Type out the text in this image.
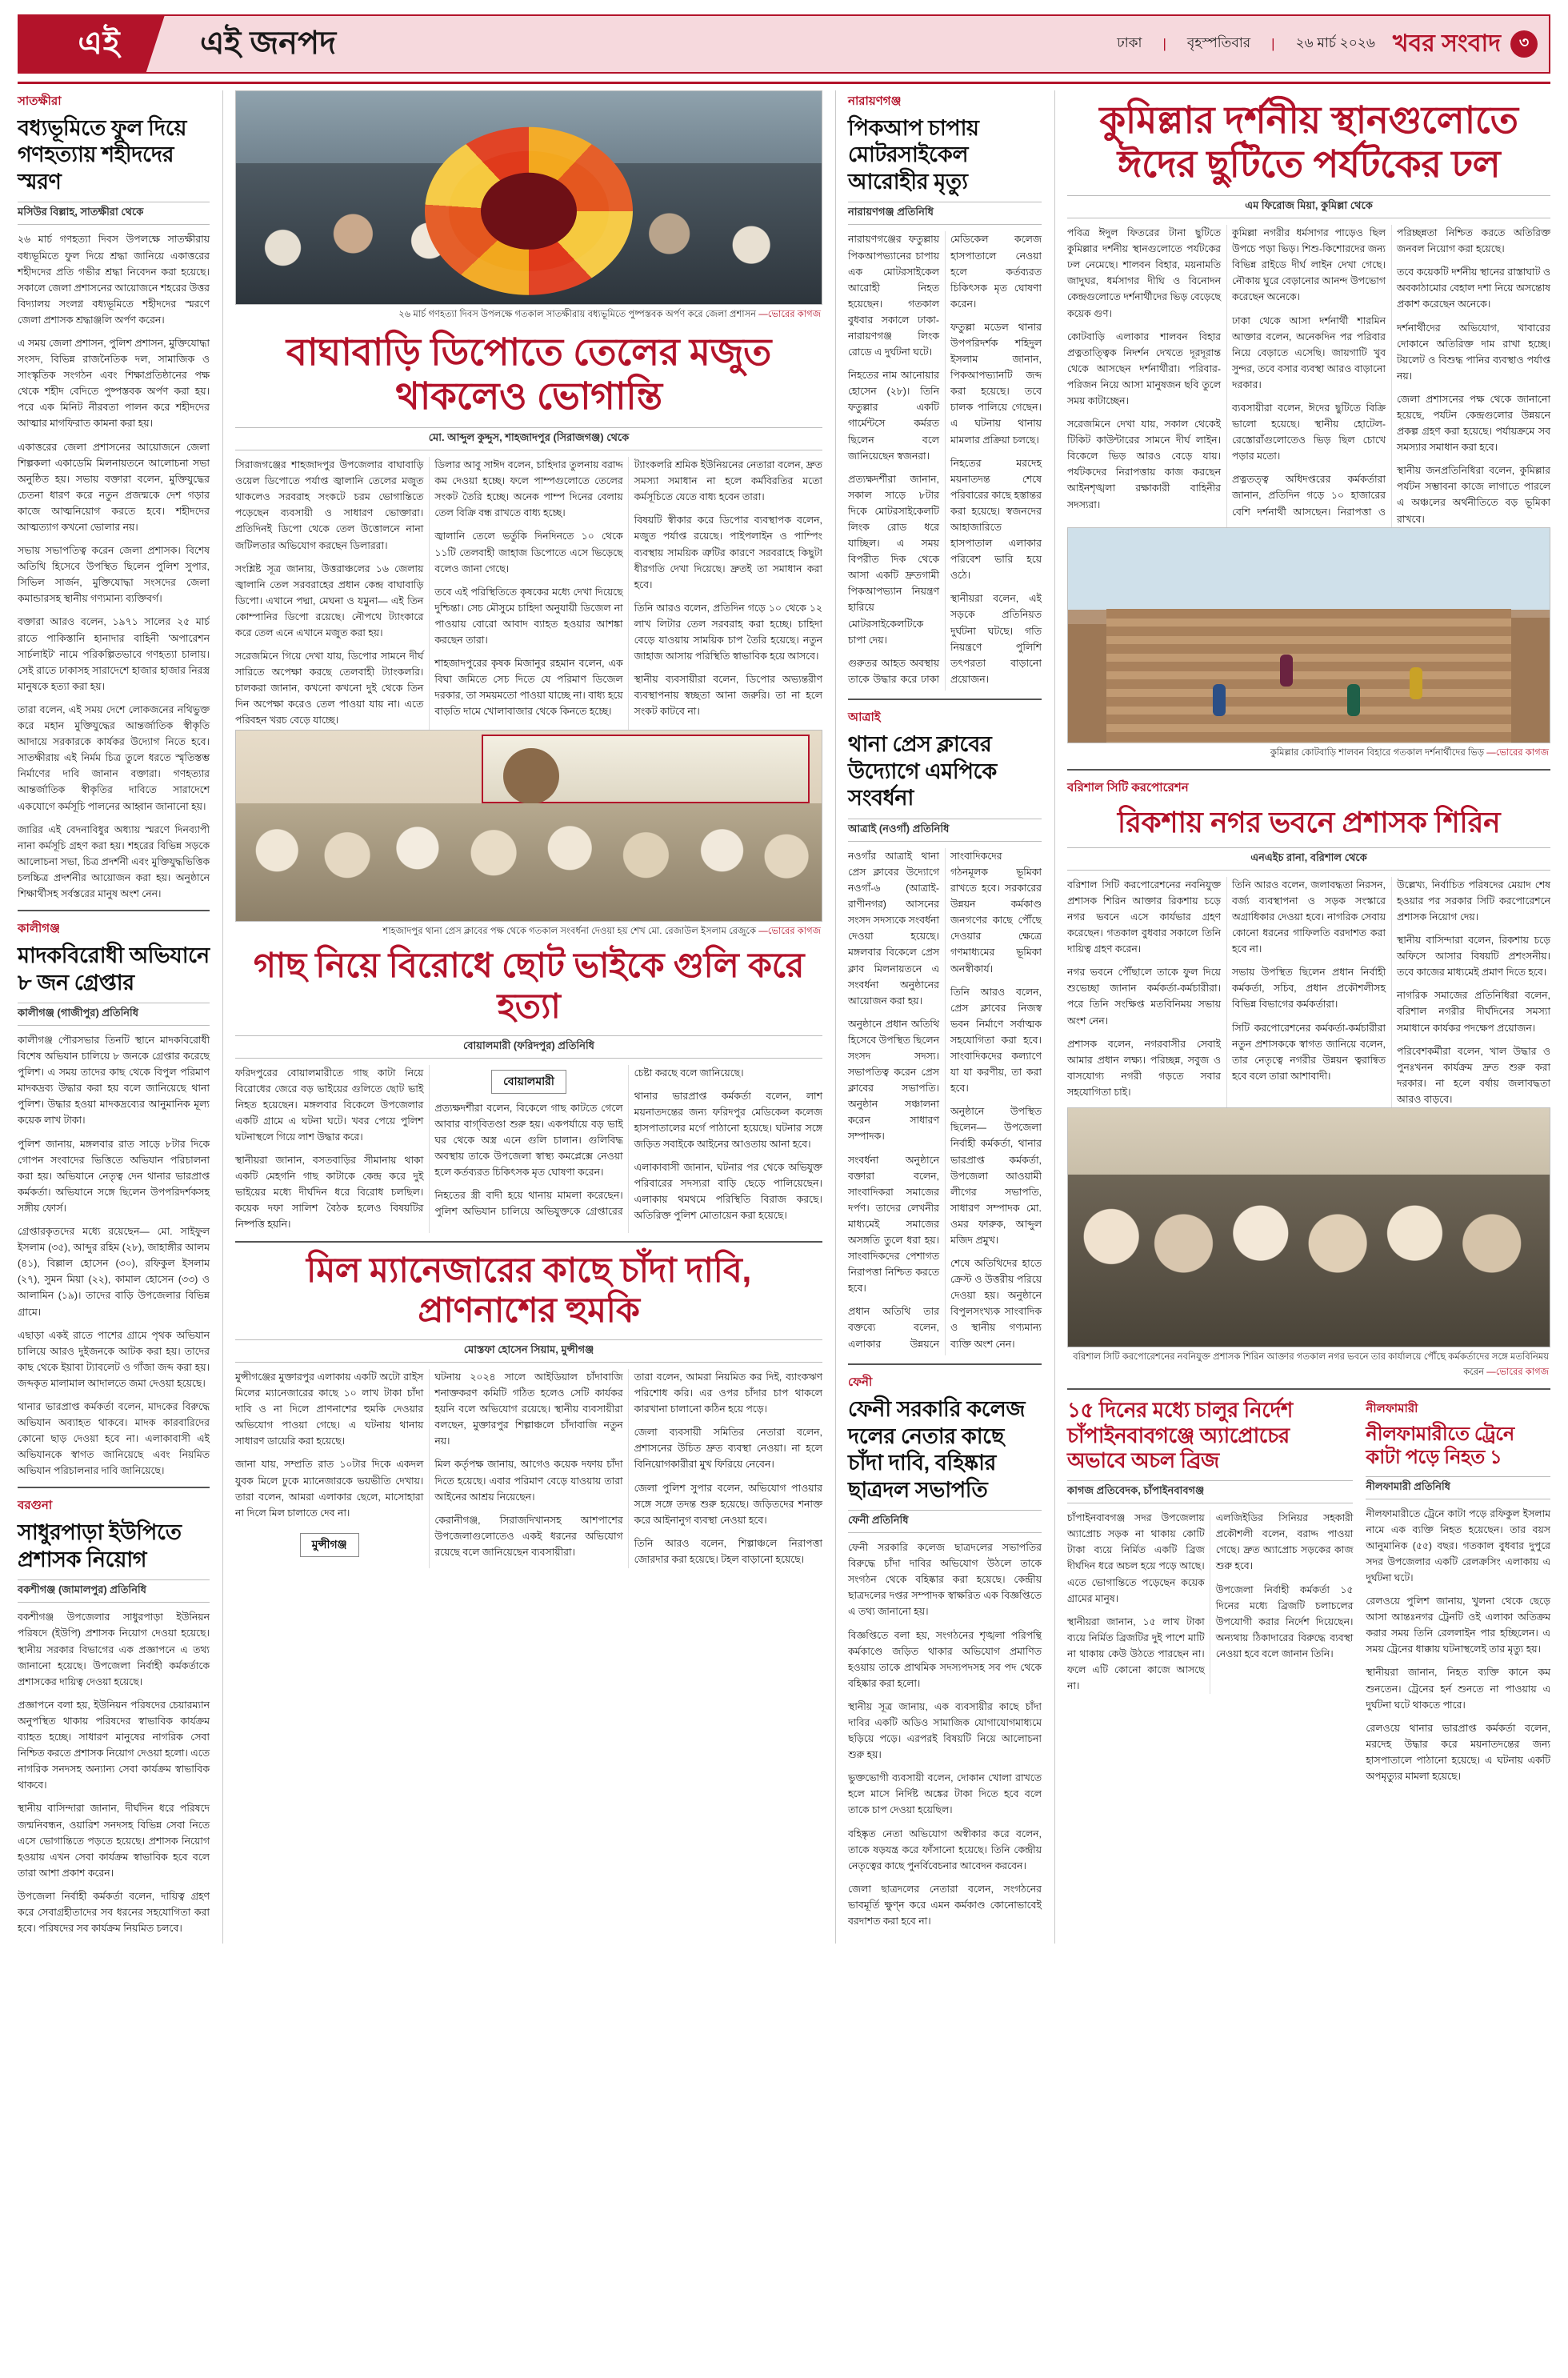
এই	এই জনপদ	ঢাকা | বৃহস্পতিবার | ২৬ মার্চ ২০২৬ খবর সংবাদ	৩
সাতক্ষীরা
বধ্যভূমিতে ফুল দিয়ে গণহত্যায় শহীদদের স্মরণ
মসিউর বিল্লাহ, সাতক্ষীরা থেকে

২৬ মার্চ গণহত্যা দিবস উপলক্ষে সাতক্ষীরায় বধ্যভূমিতে ফুল দিয়ে শ্রদ্ধা জানিয়ে একাত্তরের শহীদদের প্রতি গভীর শ্রদ্ধা নিবেদন করা হয়েছে। সকালে জেলা প্রশাসনের আয়োজনে শহরের উত্তর বিদ্যালয় সংলগ্ন বধ্যভূমিতে শহীদদের স্মরণে জেলা প্রশাসক শ্রদ্ধাঞ্জলি অর্পণ করেন।

এ সময় জেলা প্রশাসন, পুলিশ প্রশাসন, মুক্তিযোদ্ধা সংসদ, বিভিন্ন রাজনৈতিক দল, সামাজিক ও সাংস্কৃতিক সংগঠন এবং শিক্ষাপ্রতিষ্ঠানের পক্ষ থেকে শহীদ বেদিতে পুষ্পস্তবক অর্পণ করা হয়। পরে এক মিনিট নীরবতা পালন করে শহীদদের আত্মার মাগফিরাত কামনা করা হয়।

একাত্তরের জেলা প্রশাসনের আয়োজনে জেলা শিল্পকলা একাডেমি মিলনায়তনে আলোচনা সভা অনুষ্ঠিত হয়। সভায় বক্তারা বলেন, মুক্তিযুদ্ধের চেতনা ধারণ করে নতুন প্রজন্মকে দেশ গড়ার কাজে আত্মনিয়োগ করতে হবে। শহীদদের আত্মত্যাগ কখনো ভোলার নয়।

সভায় সভাপতিত্ব করেন জেলা প্রশাসক। বিশেষ অতিথি হিসেবে উপস্থিত ছিলেন পুলিশ সুপার, সিভিল সার্জন, মুক্তিযোদ্ধা সংসদের জেলা কমান্ডারসহ স্থানীয় গণ্যমান্য ব্যক্তিবর্গ।

বক্তারা আরও বলেন, ১৯৭১ সালের ২৫ মার্চ রাতে পাকিস্তানি হানাদার বাহিনী 'অপারেশন সার্চলাইট' নামে পরিকল্পিতভাবে গণহত্যা চালায়। সেই রাতে ঢাকাসহ সারাদেশে হাজার হাজার নিরস্ত্র মানুষকে হত্যা করা হয়।

তারা বলেন, এই সময় দেশে লোকজনের নথিভুক্ত করে মহান মুক্তিযুদ্ধের আন্তর্জাতিক স্বীকৃতি আদায়ে সরকারকে কার্যকর উদ্যোগ নিতে হবে। সাতক্ষীরায় এই নির্মম চিত্র তুলে ধরতে স্মৃতিস্তম্ভ নির্মাণের দাবি জানান বক্তারা। গণহত্যার আন্তর্জাতিক স্বীকৃতির দাবিতে সারাদেশে একযোগে কর্মসূচি পালনের আহ্বান জানানো হয়।

জারির এই বেদনাবিধুর অধ্যায় স্মরণে দিনব্যাপী নানা কর্মসূচি গ্রহণ করা হয়। শহরের বিভিন্ন সড়কে আলোচনা সভা, চিত্র প্রদর্শনী এবং মুক্তিযুদ্ধভিত্তিক চলচ্চিত্র প্রদর্শনীর আয়োজন করা হয়। অনুষ্ঠানে শিক্ষার্থীসহ সর্বস্তরের মানুষ অংশ নেন।

কালীগঞ্জ
মাদকবিরোধী অভিযানে ৮ জন গ্রেপ্তার
কালীগঞ্জ (গাজীপুর) প্রতিনিধি

কালীগঞ্জ পৌরসভার তিনটি স্থানে মাদকবিরোধী বিশেষ অভিযান চালিয়ে ৮ জনকে গ্রেপ্তার করেছে পুলিশ। এ সময় তাদের কাছ থেকে বিপুল পরিমাণ মাদকদ্রব্য উদ্ধার করা হয় বলে জানিয়েছে থানা পুলিশ। উদ্ধার হওয়া মাদকদ্রব্যের আনুমানিক মূল্য কয়েক লাখ টাকা।

পুলিশ জানায়, মঙ্গলবার রাত সাড়ে ৮টার দিকে গোপন সংবাদের ভিত্তিতে অভিযান পরিচালনা করা হয়। অভিযানে নেতৃত্ব দেন থানার ভারপ্রাপ্ত কর্মকর্তা। অভিযানে সঙ্গে ছিলেন উপপরিদর্শকসহ সঙ্গীয় ফোর্স।

গ্রেপ্তারকৃতদের মধ্যে রয়েছেন— মো. সাইফুল ইসলাম (৩৫), আব্দুর রহিম (২৮), জাহাঙ্গীর আলম (৪১), বিল্লাল হোসেন (৩০), রফিকুল ইসলাম (২৭), সুমন মিয়া (২২), কামাল হোসেন (৩৩) ও আলামিন (১৯)। তাদের বাড়ি উপজেলার বিভিন্ন গ্রামে।

এছাড়া একই রাতে পাশের গ্রামে পৃথক অভিযান চালিয়ে আরও দুইজনকে আটক করা হয়। তাদের কাছ থেকে ইয়াবা ট্যাবলেট ও গাঁজা জব্দ করা হয়। জব্দকৃত মালামাল আদালতে জমা দেওয়া হয়েছে।

থানার ভারপ্রাপ্ত কর্মকর্তা বলেন, মাদকের বিরুদ্ধে অভিযান অব্যাহত থাকবে। মাদক কারবারিদের কোনো ছাড় দেওয়া হবে না। এলাকাবাসী এই অভিযানকে স্বাগত জানিয়েছে এবং নিয়মিত অভিযান পরিচালনার দাবি জানিয়েছে।

বরগুনা
সাধুরপাড়া ইউপিতে প্রশাসক নিয়োগ
বকশীগঞ্জ (জামালপুর) প্রতিনিধি

বকশীগঞ্জ উপজেলার সাধুরপাড়া ইউনিয়ন পরিষদে (ইউপি) প্রশাসক নিয়োগ দেওয়া হয়েছে। স্থানীয় সরকার বিভাগের এক প্রজ্ঞাপনে এ তথ্য জানানো হয়েছে। উপজেলা নির্বাহী কর্মকর্তাকে প্রশাসকের দায়িত্ব দেওয়া হয়েছে।

প্রজ্ঞাপনে বলা হয়, ইউনিয়ন পরিষদের চেয়ারম্যান অনুপস্থিত থাকায় পরিষদের স্বাভাবিক কার্যক্রম ব্যাহত হচ্ছে। সাধারণ মানুষের নাগরিক সেবা নিশ্চিত করতে প্রশাসক নিয়োগ দেওয়া হলো। এতে নাগরিক সনদসহ অন্যান্য সেবা কার্যক্রম স্বাভাবিক থাকবে।

স্থানীয় বাসিন্দারা জানান, দীর্ঘদিন ধরে পরিষদে জন্মনিবন্ধন, ওয়ারিশ সনদসহ বিভিন্ন সেবা নিতে এসে ভোগান্তিতে পড়তে হয়েছে। প্রশাসক নিয়োগ হওয়ায় এখন সেবা কার্যক্রম স্বাভাবিক হবে বলে তারা আশা প্রকাশ করেন।

উপজেলা নির্বাহী কর্মকর্তা বলেন, দায়িত্ব গ্রহণ করে সেবাগ্রহীতাদের সব ধরনের সহযোগিতা করা হবে। পরিষদের সব কার্যক্রম নিয়মিত চলবে।

২৬ মার্চ গণহত্যা দিবস উপলক্ষে গতকাল সাতক্ষীরায় বধ্যভূমিতে পুষ্পস্তবক অর্পণ করে জেলা প্রশাসন —ভোরের কাগজ
বাঘাবাড়ি ডিপোতে তেলের মজুত থাকলেও ভোগান্তি
মো. আব্দুল কুদ্দুস, শাহজাদপুর (সিরাজগঞ্জ) থেকে

সিরাজগঞ্জের শাহজাদপুর উপজেলার বাঘাবাড়ি ওয়েল ডিপোতে পর্যাপ্ত জ্বালানি তেলের মজুত থাকলেও সরবরাহ সংকটে চরম ভোগান্তিতে পড়েছেন ব্যবসায়ী ও সাধারণ ভোক্তারা। প্রতিদিনই ডিপো থেকে তেল উত্তোলনে নানা জটিলতার অভিযোগ করছেন ডিলাররা।

সংশ্লিষ্ট সূত্র জানায়, উত্তরাঞ্চলের ১৬ জেলায় জ্বালানি তেল সরবরাহের প্রধান কেন্দ্র বাঘাবাড়ি ডিপো। এখানে পদ্মা, মেঘনা ও যমুনা— এই তিন কোম্পানির ডিপো রয়েছে। নৌপথে ট্যাংকারে করে তেল এনে এখানে মজুত করা হয়।

সরেজমিনে গিয়ে দেখা যায়, ডিপোর সামনে দীর্ঘ সারিতে অপেক্ষা করছে তেলবাহী ট্যাংকলরি। চালকরা জানান, কখনো কখনো দুই থেকে তিন দিন অপেক্ষা করেও তেল পাওয়া যায় না। এতে পরিবহন খরচ বেড়ে যাচ্ছে।

ডিলার আবু সাঈদ বলেন, চাহিদার তুলনায় বরাদ্দ কম দেওয়া হচ্ছে। ফলে পাম্পগুলোতে তেলের সংকট তৈরি হচ্ছে। অনেক পাম্প দিনের বেলায় তেল বিক্রি বন্ধ রাখতে বাধ্য হচ্ছে।

জ্বালানি তেলে ভর্তুকি দিনদিনতে ১০ থেকে ১১টি তেলবাহী জাহাজ ডিপোতে এসে ভিড়েছে বলেও জানা গেছে।

তবে এই পরিস্থিতিতে কৃষকের মধ্যে দেখা দিয়েছে দুশ্চিন্তা। সেচ মৌসুমে চাহিদা অনুযায়ী ডিজেল না পাওয়ায় বোরো আবাদ ব্যাহত হওয়ার আশঙ্কা করছেন তারা।

শাহজাদপুরের কৃষক মিজানুর রহমান বলেন, এক বিঘা জমিতে সেচ দিতে যে পরিমাণ ডিজেল দরকার, তা সময়মতো পাওয়া যাচ্ছে না। বাধ্য হয়ে বাড়তি দামে খোলাবাজার থেকে কিনতে হচ্ছে।

ট্যাংকলরি শ্রমিক ইউনিয়নের নেতারা বলেন, দ্রুত সমস্যা সমাধান না হলে কর্মবিরতির মতো কর্মসূচিতে যেতে বাধ্য হবেন তারা।

বিষয়টি স্বীকার করে ডিপোর ব্যবস্থাপক বলেন, মজুত পর্যাপ্ত রয়েছে। পাইপলাইন ও পাম্পিং ব্যবস্থায় সাময়িক ত্রুটির কারণে সরবরাহে কিছুটা ধীরগতি দেখা দিয়েছে। দ্রুতই তা সমাধান করা হবে।

তিনি আরও বলেন, প্রতিদিন গড়ে ১০ থেকে ১২ লাখ লিটার তেল সরবরাহ করা হচ্ছে। চাহিদা বেড়ে যাওয়ায় সাময়িক চাপ তৈরি হয়েছে। নতুন জাহাজ আসায় পরিস্থিতি স্বাভাবিক হয়ে আসবে।

স্থানীয় ব্যবসায়ীরা বলেন, ডিপোর অভ্যন্তরীণ ব্যবস্থাপনায় স্বচ্ছতা আনা জরুরি। তা না হলে সংকট কাটবে না।

শাহজাদপুর থানা প্রেস ক্লাবের পক্ষ থেকে গতকাল সংবর্ধনা দেওয়া হয় শেখ মো. রেজাউল ইসলাম রেজুকে —ভোরের কাগজ
গাছ নিয়ে বিরোধে ছোট ভাইকে গুলি করে হত্যা
বোয়ালমারী (ফরিদপুর) প্রতিনিধি

ফরিদপুরের বোয়ালমারীতে গাছ কাটা নিয়ে বিরোধের জেরে বড় ভাইয়ের গুলিতে ছোট ভাই নিহত হয়েছেন। মঙ্গলবার বিকেলে উপজেলার একটি গ্রামে এ ঘটনা ঘটে। খবর পেয়ে পুলিশ ঘটনাস্থলে গিয়ে লাশ উদ্ধার করে।

স্থানীয়রা জানান, বসতবাড়ির সীমানায় থাকা একটি মেহগনি গাছ কাটাকে কেন্দ্র করে দুই ভাইয়ের মধ্যে দীর্ঘদিন ধরে বিরোধ চলছিল। কয়েক দফা সালিশ বৈঠক হলেও বিষয়টির নিষ্পত্তি হয়নি।

বোয়ালমারী

প্রত্যক্ষদর্শীরা বলেন, বিকেলে গাছ কাটতে গেলে আবার বাগ্‌বিতণ্ডা শুরু হয়। একপর্যায়ে বড় ভাই ঘর থেকে অস্ত্র এনে গুলি চালান। গুলিবিদ্ধ অবস্থায় তাকে উপজেলা স্বাস্থ্য কমপ্লেক্সে নেওয়া হলে কর্তব্যরত চিকিৎসক মৃত ঘোষণা করেন।

নিহতের স্ত্রী বাদী হয়ে থানায় মামলা করেছেন। পুলিশ অভিযান চালিয়ে অভিযুক্তকে গ্রেপ্তারের চেষ্টা করছে বলে জানিয়েছে।

থানার ভারপ্রাপ্ত কর্মকর্তা বলেন, লাশ ময়নাতদন্তের জন্য ফরিদপুর মেডিকেল কলেজ হাসপাতালের মর্গে পাঠানো হয়েছে। ঘটনার সঙ্গে জড়িত সবাইকে আইনের আওতায় আনা হবে।

এলাকাবাসী জানান, ঘটনার পর থেকে অভিযুক্ত পরিবারের সদস্যরা বাড়ি ছেড়ে পালিয়েছেন। এলাকায় থমথমে পরিস্থিতি বিরাজ করছে। অতিরিক্ত পুলিশ মোতায়েন করা হয়েছে।

মিল ম্যানেজারের কাছে চাঁদা দাবি, প্রাণনাশের হুমকি
মোস্তফা হোসেন সিয়াম, মুন্সীগঞ্জ

মুন্সীগঞ্জের মুক্তারপুর এলাকায় একটি অটো রাইস মিলের ম্যানেজারের কাছে ১০ লাখ টাকা চাঁদা দাবি ও না দিলে প্রাণনাশের হুমকি দেওয়ার অভিযোগ পাওয়া গেছে। এ ঘটনায় থানায় সাধারণ ডায়েরি করা হয়েছে।

জানা যায়, সম্প্রতি রাত ১০টার দিকে একদল যুবক মিলে ঢুকে ম্যানেজারকে ভয়ভীতি দেখায়। তারা বলেন, আমরা এলাকার ছেলে, মাসোহারা না দিলে মিল চালাতে দেব না।

মুন্সীগঞ্জ

ঘটনায় ২০২৪ সালে আইডিয়াল চাঁদাবাজি শনাক্তকরণ কমিটি গঠিত হলেও সেটি কার্যকর হয়নি বলে অভিযোগ রয়েছে। স্থানীয় ব্যবসায়ীরা বলছেন, মুক্তারপুর শিল্পাঞ্চলে চাঁদাবাজি নতুন নয়।

মিল কর্তৃপক্ষ জানায়, আগেও কয়েক দফায় চাঁদা দিতে হয়েছে। এবার পরিমাণ বেড়ে যাওয়ায় তারা আইনের আশ্রয় নিয়েছেন।

কেরানীগঞ্জ, সিরাজদিখানসহ আশপাশের উপজেলাগুলোতেও একই ধরনের অভিযোগ রয়েছে বলে জানিয়েছেন ব্যবসায়ীরা।

তারা বলেন, আমরা নিয়মিত কর দিই, ব্যাংকঋণ পরিশোধ করি। এর ওপর চাঁদার চাপ থাকলে কারখানা চালানো কঠিন হয়ে পড়ে।

জেলা ব্যবসায়ী সমিতির নেতারা বলেন, প্রশাসনের উচিত দ্রুত ব্যবস্থা নেওয়া। না হলে বিনিয়োগকারীরা মুখ ফিরিয়ে নেবেন।

জেলা পুলিশ সুপার বলেন, অভিযোগ পাওয়ার সঙ্গে সঙ্গে তদন্ত শুরু হয়েছে। জড়িতদের শনাক্ত করে আইনানুগ ব্যবস্থা নেওয়া হবে।

তিনি আরও বলেন, শিল্পাঞ্চলে নিরাপত্তা জোরদার করা হয়েছে। টহল বাড়ানো হয়েছে।

নারায়ণগঞ্জ
পিকআপ চাপায় মোটরসাইকেল আরোহীর মৃত্যু
নারায়ণগঞ্জ প্রতিনিধি

নারায়ণগঞ্জের ফতুল্লায় পিকআপভ্যানের চাপায় এক মোটরসাইকেল আরোহী নিহত হয়েছেন। গতকাল বুধবার সকালে ঢাকা-নারায়ণগঞ্জ লিংক রোডে এ দুর্ঘটনা ঘটে।

নিহতের নাম আনোয়ার হোসেন (২৮)। তিনি ফতুল্লার একটি গার্মেন্টসে কর্মরত ছিলেন বলে জানিয়েছেন স্বজনরা।

প্রত্যক্ষদর্শীরা জানান, সকাল সাড়ে ৮টার দিকে মোটরসাইকেলটি লিংক রোড ধরে যাচ্ছিল। এ সময় বিপরীত দিক থেকে আসা একটি দ্রুতগামী পিকআপভ্যান নিয়ন্ত্রণ হারিয়ে মোটরসাইকেলটিকে চাপা দেয়।

গুরুতর আহত অবস্থায় তাকে উদ্ধার করে ঢাকা মেডিকেল কলেজ হাসপাতালে নেওয়া হলে কর্তব্যরত চিকিৎসক মৃত ঘোষণা করেন।

ফতুল্লা মডেল থানার উপপরিদর্শক শহিদুল ইসলাম জানান, পিকআপভ্যানটি জব্দ করা হয়েছে। তবে চালক পালিয়ে গেছেন। এ ঘটনায় থানায় মামলার প্রক্রিয়া চলছে।

নিহতের মরদেহ ময়নাতদন্ত শেষে পরিবারের কাছে হস্তান্তর করা হয়েছে। স্বজনদের আহাজারিতে হাসপাতাল এলাকার পরিবেশ ভারি হয়ে ওঠে।

স্থানীয়রা বলেন, এই সড়কে প্রতিনিয়ত দুর্ঘটনা ঘটছে। গতি নিয়ন্ত্রণে পুলিশি তৎপরতা বাড়ানো প্রয়োজন।

আত্রাই
থানা প্রেস ক্লাবের উদ্যোগে এমপিকে সংবর্ধনা
আত্রাই (নওগাঁ) প্রতিনিধি

নওগাঁর আত্রাই থানা প্রেস ক্লাবের উদ্যোগে নওগাঁ-৬ (আত্রাই-রাণীনগর) আসনের সংসদ সদস্যকে সংবর্ধনা দেওয়া হয়েছে। মঙ্গলবার বিকেলে প্রেস ক্লাব মিলনায়তনে এ সংবর্ধনা অনুষ্ঠানের আয়োজন করা হয়।

অনুষ্ঠানে প্রধান অতিথি হিসেবে উপস্থিত ছিলেন সংসদ সদস্য। সভাপতিত্ব করেন প্রেস ক্লাবের সভাপতি। অনুষ্ঠান সঞ্চালনা করেন সাধারণ সম্পাদক।

সংবর্ধনা অনুষ্ঠানে বক্তারা বলেন, সাংবাদিকরা সমাজের দর্পণ। তাদের লেখনীর মাধ্যমেই সমাজের অসঙ্গতি তুলে ধরা হয়। সাংবাদিকদের পেশাগত নিরাপত্তা নিশ্চিত করতে হবে।

প্রধান অতিথি তার বক্তব্যে বলেন, এলাকার উন্নয়নে সাংবাদিকদের গঠনমূলক ভূমিকা রাখতে হবে। সরকারের উন্নয়ন কর্মকাণ্ড জনগণের কাছে পৌঁছে দেওয়ার ক্ষেত্রে গণমাধ্যমের ভূমিকা অনস্বীকার্য।

তিনি আরও বলেন, প্রেস ক্লাবের নিজস্ব ভবন নির্মাণে সর্বাত্মক সহযোগিতা করা হবে। সাংবাদিকদের কল্যাণে যা যা করণীয়, তা করা হবে।

অনুষ্ঠানে উপস্থিত ছিলেন— উপজেলা নির্বাহী কর্মকর্তা, থানার ভারপ্রাপ্ত কর্মকর্তা, উপজেলা আওয়ামী লীগের সভাপতি, সাধারণ সম্পাদক মো. ওমর ফারুক, আব্দুল মজিদ প্রমুখ।

শেষে অতিথিদের হাতে ক্রেস্ট ও উত্তরীয় পরিয়ে দেওয়া হয়। অনুষ্ঠানে বিপুলসংখ্যক সাংবাদিক ও স্থানীয় গণ্যমান্য ব্যক্তি অংশ নেন।

ফেনী
ফেনী সরকারি কলেজ দলের নেতার কাছে চাঁদা দাবি, বহিষ্কার ছাত্রদল সভাপতি
ফেনী প্রতিনিধি

ফেনী সরকারি কলেজ ছাত্রদলের সভাপতির বিরুদ্ধে চাঁদা দাবির অভিযোগ উঠলে তাকে সংগঠন থেকে বহিষ্কার করা হয়েছে। কেন্দ্রীয় ছাত্রদলের দপ্তর সম্পাদক স্বাক্ষরিত এক বিজ্ঞপ্তিতে এ তথ্য জানানো হয়।

বিজ্ঞপ্তিতে বলা হয়, সংগঠনের শৃঙ্খলা পরিপন্থি কর্মকাণ্ডে জড়িত থাকার অভিযোগ প্রমাণিত হওয়ায় তাকে প্রাথমিক সদস্যপদসহ সব পদ থেকে বহিষ্কার করা হলো।

স্থানীয় সূত্র জানায়, এক ব্যবসায়ীর কাছে চাঁদা দাবির একটি অডিও সামাজিক যোগাযোগমাধ্যমে ছড়িয়ে পড়ে। এরপরই বিষয়টি নিয়ে আলোচনা শুরু হয়।

ভুক্তভোগী ব্যবসায়ী বলেন, দোকান খোলা রাখতে হলে মাসে নির্দিষ্ট অঙ্কের টাকা দিতে হবে বলে তাকে চাপ দেওয়া হয়েছিল।

বহিষ্কৃত নেতা অভিযোগ অস্বীকার করে বলেন, তাকে ষড়যন্ত্র করে ফাঁসানো হয়েছে। তিনি কেন্দ্রীয় নেতৃত্বের কাছে পুনর্বিবেচনার আবেদন করবেন।

জেলা ছাত্রদলের নেতারা বলেন, সংগঠনের ভাবমূর্তি ক্ষুণ্ন করে এমন কর্মকাণ্ড কোনোভাবেই বরদাশত করা হবে না।

কুমিল্লার দর্শনীয় স্থানগুলোতে ঈদের ছুটিতে পর্যটকের ঢল
এম ফিরোজ মিয়া, কুমিল্লা থেকে

পবিত্র ঈদুল ফিতরের টানা ছুটিতে কুমিল্লার দর্শনীয় স্থানগুলোতে পর্যটকের ঢল নেমেছে। শালবন বিহার, ময়নামতি জাদুঘর, ধর্মসাগর দীঘি ও বিনোদন কেন্দ্রগুলোতে দর্শনার্থীদের ভিড় বেড়েছে কয়েক গুণ।

কোটবাড়ি এলাকার শালবন বিহার প্রত্নতাত্ত্বিক নিদর্শন দেখতে দূরদূরান্ত থেকে আসছেন দর্শনার্থীরা। পরিবার-পরিজন নিয়ে আসা মানুষজন ছবি তুলে সময় কাটাচ্ছেন।

সরেজমিনে দেখা যায়, সকাল থেকেই টিকিট কাউন্টারের সামনে দীর্ঘ লাইন। বিকেলে ভিড় আরও বেড়ে যায়। পর্যটকদের নিরাপত্তায় কাজ করছেন আইনশৃঙ্খলা রক্ষাকারী বাহিনীর সদস্যরা।

কুমিল্লা নগরীর ধর্মসাগর পাড়েও ছিল উপচে পড়া ভিড়। শিশু-কিশোরদের জন্য বিভিন্ন রাইডে দীর্ঘ লাইন দেখা গেছে। নৌকায় ঘুরে বেড়ানোর আনন্দ উপভোগ করেছেন অনেকে।

ঢাকা থেকে আসা দর্শনার্থী শারমিন আক্তার বলেন, অনেকদিন পর পরিবার নিয়ে বেড়াতে এসেছি। জায়গাটি খুব সুন্দর, তবে বসার ব্যবস্থা আরও বাড়ানো দরকার।

ব্যবসায়ীরা বলেন, ঈদের ছুটিতে বিক্রি ভালো হয়েছে। স্থানীয় হোটেল-রেস্তোরাঁগুলোতেও ভিড় ছিল চোখে পড়ার মতো।

প্রত্নতত্ত্ব অধিদপ্তরের কর্মকর্তারা জানান, প্রতিদিন গড়ে ১০ হাজারের বেশি দর্শনার্থী আসছেন। নিরাপত্তা ও পরিচ্ছন্নতা নিশ্চিত করতে অতিরিক্ত জনবল নিয়োগ করা হয়েছে।

তবে কয়েকটি দর্শনীয় স্থানের রাস্তাঘাট ও অবকাঠামোর বেহাল দশা নিয়ে অসন্তোষ প্রকাশ করেছেন অনেকে।

দর্শনার্থীদের অভিযোগ, খাবারের দোকানে অতিরিক্ত দাম রাখা হচ্ছে। টয়লেট ও বিশুদ্ধ পানির ব্যবস্থাও পর্যাপ্ত নয়।

জেলা প্রশাসনের পক্ষ থেকে জানানো হয়েছে, পর্যটন কেন্দ্রগুলোর উন্নয়নে প্রকল্প গ্রহণ করা হয়েছে। পর্যায়ক্রমে সব সমস্যার সমাধান করা হবে।

স্থানীয় জনপ্রতিনিধিরা বলেন, কুমিল্লার পর্যটন সম্ভাবনা কাজে লাগাতে পারলে এ অঞ্চলের অর্থনীতিতে বড় ভূমিকা রাখবে।

কুমিল্লার কোটবাড়ি শালবন বিহারে গতকাল দর্শনার্থীদের ভিড় —ভোরের কাগজ
বরিশাল সিটি করপোরেশন
রিকশায় নগর ভবনে প্রশাসক শিরিন
এনএইচ রানা, বরিশাল থেকে

বরিশাল সিটি করপোরেশনের নবনিযুক্ত প্রশাসক শিরিন আক্তার রিকশায় চড়ে নগর ভবনে এসে কার্যভার গ্রহণ করেছেন। গতকাল বুধবার সকালে তিনি দায়িত্ব গ্রহণ করেন।

নগর ভবনে পৌঁছালে তাকে ফুল দিয়ে শুভেচ্ছা জানান কর্মকর্তা-কর্মচারীরা। পরে তিনি সংক্ষিপ্ত মতবিনিময় সভায় অংশ নেন।

প্রশাসক বলেন, নগরবাসীর সেবাই আমার প্রধান লক্ষ্য। পরিচ্ছন্ন, সবুজ ও বাসযোগ্য নগরী গড়তে সবার সহযোগিতা চাই।

তিনি আরও বলেন, জলাবদ্ধতা নিরসন, বর্জ্য ব্যবস্থাপনা ও সড়ক সংস্কারে অগ্রাধিকার দেওয়া হবে। নাগরিক সেবায় কোনো ধরনের গাফিলতি বরদাশত করা হবে না।

সভায় উপস্থিত ছিলেন প্রধান নির্বাহী কর্মকর্তা, সচিব, প্রধান প্রকৌশলীসহ বিভিন্ন বিভাগের কর্মকর্তারা।

সিটি করপোরেশনের কর্মকর্তা-কর্মচারীরা নতুন প্রশাসককে স্বাগত জানিয়ে বলেন, তার নেতৃত্বে নগরীর উন্নয়ন ত্বরান্বিত হবে বলে তারা আশাবাদী।

উল্লেখ্য, নির্বাচিত পরিষদের মেয়াদ শেষ হওয়ার পর সরকার সিটি করপোরেশনে প্রশাসক নিয়োগ দেয়।

স্থানীয় বাসিন্দারা বলেন, রিকশায় চড়ে অফিসে আসার বিষয়টি প্রশংসনীয়। তবে কাজের মাধ্যমেই প্রমাণ দিতে হবে।

নাগরিক সমাজের প্রতিনিধিরা বলেন, বরিশাল নগরীর দীর্ঘদিনের সমস্যা সমাধানে কার্যকর পদক্ষেপ প্রয়োজন।

পরিবেশকর্মীরা বলেন, খাল উদ্ধার ও পুনঃখনন কার্যক্রম দ্রুত শুরু করা দরকার। না হলে বর্ষায় জলাবদ্ধতা আরও বাড়বে।

বরিশাল সিটি করপোরেশনের নবনিযুক্ত প্রশাসক শিরিন আক্তার গতকাল নগর ভবনে তার কার্যালয়ে পৌঁছে কর্মকর্তাদের সঙ্গে মতবিনিময় করেন —ভোরের কাগজ
১৫ দিনের মধ্যে চালুর নির্দেশ চাঁপাইনবাবগঞ্জে অ্যাপ্রোচের অভাবে অচল ব্রিজ
কাগজ প্রতিবেদক, চাঁপাইনবাবগঞ্জ

চাঁপাইনবাবগঞ্জ সদর উপজেলায় অ্যাপ্রোচ সড়ক না থাকায় কোটি টাকা ব্যয়ে নির্মিত একটি ব্রিজ দীর্ঘদিন ধরে অচল হয়ে পড়ে আছে। এতে ভোগান্তিতে পড়েছেন কয়েক গ্রামের মানুষ।

স্থানীয়রা জানান, ১৫ লাখ টাকা ব্যয়ে নির্মিত ব্রিজটির দুই পাশে মাটি না থাকায় কেউ উঠতে পারছেন না। ফলে এটি কোনো কাজে আসছে না।

এলজিইডির সিনিয়র সহকারী প্রকৌশলী বলেন, বরাদ্দ পাওয়া গেছে। দ্রুত অ্যাপ্রোচ সড়কের কাজ শুরু হবে।

উপজেলা নির্বাহী কর্মকর্তা ১৫ দিনের মধ্যে ব্রিজটি চলাচলের উপযোগী করার নির্দেশ দিয়েছেন। অন্যথায় ঠিকাদারের বিরুদ্ধে ব্যবস্থা নেওয়া হবে বলে জানান তিনি।

নীলফামারী
নীলফামারীতে ট্রেনে কাটা পড়ে নিহত ১
নীলফামারী প্রতিনিধি

নীলফামারীতে ট্রেনে কাটা পড়ে রফিকুল ইসলাম নামে এক ব্যক্তি নিহত হয়েছেন। তার বয়স আনুমানিক (৫৫) বছর। গতকাল বুধবার দুপুরে সদর উপজেলার একটি রেলক্রসিং এলাকায় এ দুর্ঘটনা ঘটে।

রেলওয়ে পুলিশ জানায়, খুলনা থেকে ছেড়ে আসা আন্তঃনগর ট্রেনটি ওই এলাকা অতিক্রম করার সময় তিনি রেললাইন পার হচ্ছিলেন। এ সময় ট্রেনের ধাক্কায় ঘটনাস্থলেই তার মৃত্যু হয়।

স্থানীয়রা জানান, নিহত ব্যক্তি কানে কম শুনতেন। ট্রেনের হর্ন শুনতে না পাওয়ায় এ দুর্ঘটনা ঘটে থাকতে পারে।

রেলওয়ে থানার ভারপ্রাপ্ত কর্মকর্তা বলেন, মরদেহ উদ্ধার করে ময়নাতদন্তের জন্য হাসপাতালে পাঠানো হয়েছে। এ ঘটনায় একটি অপমৃত্যুর মামলা হয়েছে।
